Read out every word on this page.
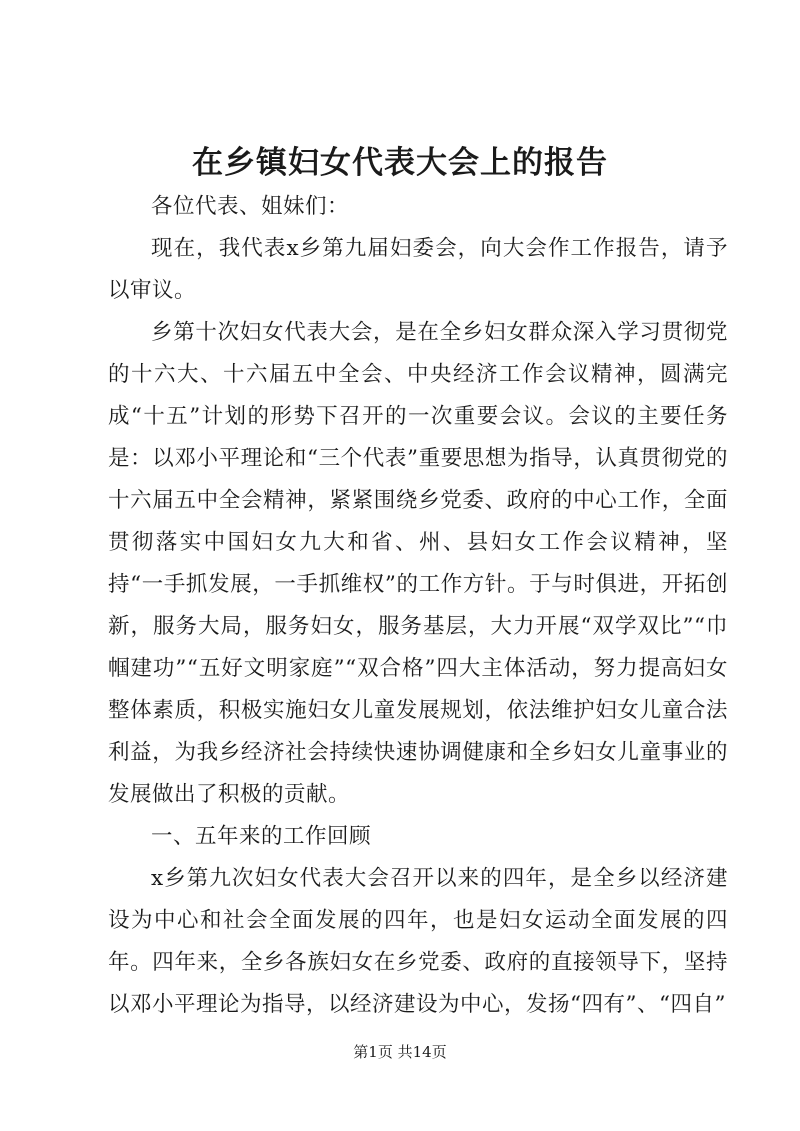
在乡镇妇女代表大会上的报告

各位代表、姐妹们：

现在，我代表x乡第九届妇委会，向大会作工作报告，请予以审议。

乡第十次妇女代表大会，是在全乡妇女群众深入学习贯彻党的十六大、十六届五中全会、中央经济工作会议精神，圆满完成“十五”计划的形势下召开的一次重要会议。会议的主要任务是：以邓小平理论和“三个代表”重要思想为指导，认真贯彻党的十六届五中全会精神，紧紧围绕乡党委、政府的中心工作，全面贯彻落实中国妇女九大和省、州、县妇女工作会议精神，坚持“一手抓发展，一手抓维权”的工作方针。于与时俱进，开拓创新，服务大局，服务妇女，服务基层，大力开展“双学双比”“巾帼建功”“五好文明家庭”“双合格”四大主体活动，努力提高妇女整体素质，积极实施妇女儿童发展规划，依法维护妇女儿童合法利益，为我乡经济社会持续快速协调健康和全乡妇女儿童事业的发展做出了积极的贡献。

一、五年来的工作回顾

x乡第九次妇女代表大会召开以来的四年，是全乡以经济建设为中心和社会全面发展的四年，也是妇女运动全面发展的四年。四年来，全乡各族妇女在乡党委、政府的直接领导下，坚持以邓小平理论为指导，以经济建设为中心，发扬“四有”、“四自”

第1页 共14页
